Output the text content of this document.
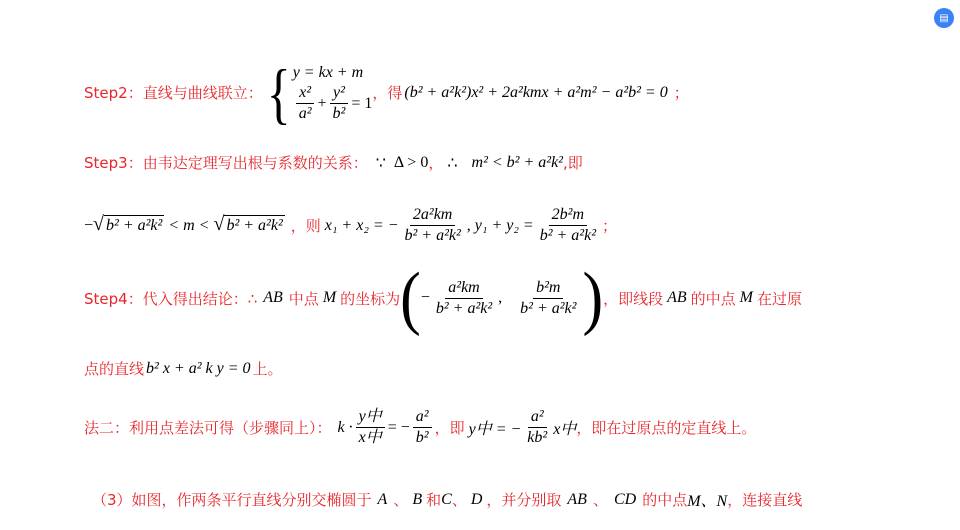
▤
Step2：直线与曲线联立： { y = kx + m
$\frac{\text{x²}}{\text{a²}} + \frac{\text{y²}}{\text{b²}} = 1$
，得 (b² + a²k²)x² + 2a²kmx + a²m² − a²b² = 0 ；
Step3：由韦达定理写出根与系数的关系： ∵ Δ > 0 ， ∴ m² < b² + a²k² ,即
− √ b² + a²k² < m < √ b² + a²k² ，则 x₁ + x₂ = − $\frac{\text{2a²km}}{\text{b² + a²k²}}$ , $y_1 + y_2 = \frac{\text{2b²m}}{\text{b² + a²k²}}$ ；
Step4：代入得出结论：∴ AB 中点 M 的坐标为 ( − $\frac{\text{a²km}}{\text{b² + a²k²}}$ , $\frac{\text{b²m}}{\text{b² + a²k²}}$ ) ，即线段 AB 的中点 M 在过原
点的直线 b² x + a² k y = 0 上。
法二：利用点差法可得（步骤同上）： $k \cdot \frac{\text{y中}}{\text{x中}}$ = − $\frac{\text{a²}}{\text{b²}}$ ，即 y中 = − $\frac{\text{a²}}{\text{kb²}}$ x中 ，即在过原点的定直线上。
（3）如图，作两条平行直线分别交椭圆于 A 、 B 和 C 、 D ，并分别取 AB 、 CD 的中点 M、N ，连接直线
